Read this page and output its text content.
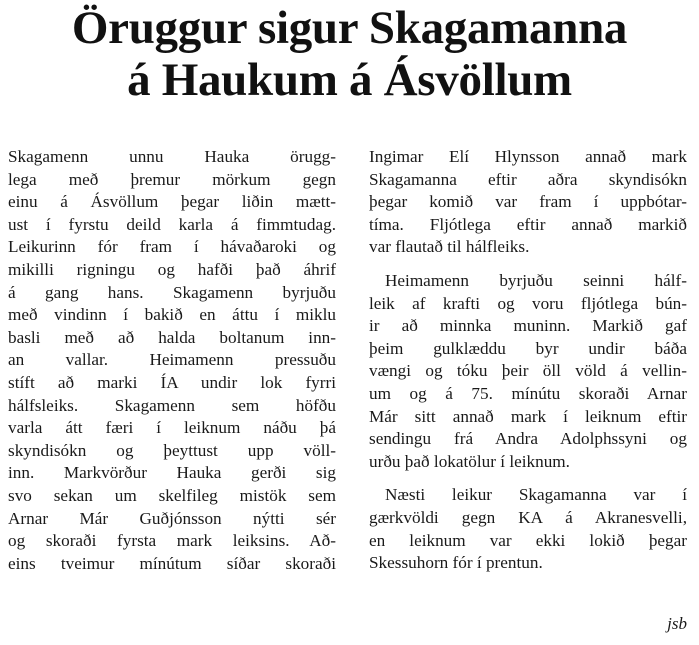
Öruggur sigur Skagamanna
á Haukum á Ásvöllum
Skagamenn unnu Hauka örugg-
lega með þremur mörkum gegn
einu á Ásvöllum þegar liðin mætt-
ust í fyrstu deild karla á fimmtudag.
Leikurinn fór fram í hávaðaroki og
mikilli rigningu og hafði það áhrif
á gang hans. Skagamenn byrjuðu
með vindinn í bakið en áttu í miklu
basli með að halda boltanum inn-
an vallar. Heimamenn pressuðu
stíft að marki ÍA undir lok fyrri
hálfsleiks. Skagamenn sem höfðu
varla átt færi í leiknum náðu þá
skyndisókn og þeyttust upp völl-
inn. Markvörður Hauka gerði sig
svo sekan um skelfileg mistök sem
Arnar Már Guðjónsson nýtti sér
og skoraði fyrsta mark leiksins. Að-
eins tveimur mínútum síðar skoraði
Ingimar Elí Hlynsson annað mark
Skagamanna eftir aðra skyndisókn
þegar komið var fram í uppbótar-
tíma. Fljótlega eftir annað markið
var flautað til hálfleiks.
Heimamenn byrjuðu seinni hálf-
leik af krafti og voru fljótlega bún-
ir að minnka muninn. Markið gaf
þeim gulklæddu byr undir báða
vængi og tóku þeir öll völd á vellin-
um og á 75. mínútu skoraði Arnar
Már sitt annað mark í leiknum eftir
sendingu frá Andra Adolphssyni og
urðu það lokatölur í leiknum.
Næsti leikur Skagamanna var í
gærkvöldi gegn KA á Akranesvelli,
en leiknum var ekki lokið þegar
Skessuhorn fór í prentun.
jsb
